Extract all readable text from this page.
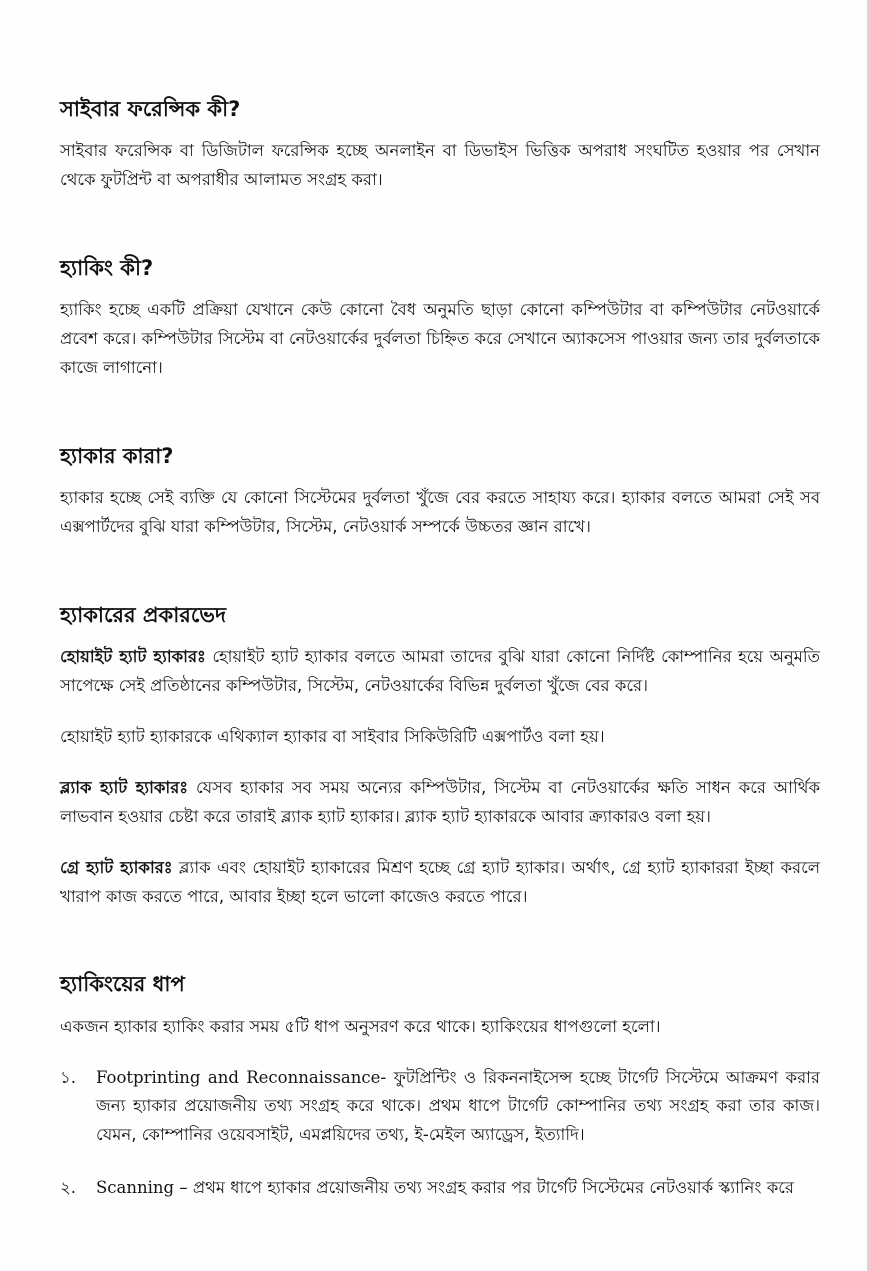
সাইবার ফরেন্সিক কী?

সাইবার ফরেন্সিক বা ডিজিটাল ফরেন্সিক হচ্ছে অনলাইন বা ডিভাইস ভিত্তিক অপরাধ সংঘটিত হওয়ার পর সেখান থেকে ফুটপ্রিন্ট বা অপরাধীর আলামত সংগ্রহ করা।

হ্যাকিং কী?

হ্যাকিং হচ্ছে একটি প্রক্রিয়া যেখানে কেউ কোনো বৈধ অনুমতি ছাড়া কোনো কম্পিউটার বা কম্পিউটার নেটওয়ার্কে প্রবেশ করে। কম্পিউটার সিস্টেম বা নেটওয়ার্কের দুর্বলতা চিহ্নিত করে সেখানে অ্যাকসেস পাওয়ার জন্য তার দুর্বলতাকে কাজে লাগানো।

হ্যাকার কারা?

হ্যাকার হচ্ছে সেই ব্যক্তি যে কোনো সিস্টেমের দুর্বলতা খুঁজে বের করতে সাহায্য করে। হ্যাকার বলতে আমরা সেই সব এক্সপার্টদের বুঝি যারা কম্পিউটার, সিস্টেম, নেটওয়ার্ক সম্পর্কে উচ্চতর জ্ঞান রাখে।

হ্যাকারের প্রকারভেদ

হোয়াইট হ্যাট হ্যাকারঃ হোয়াইট হ্যাট হ্যাকার বলতে আমরা তাদের বুঝি যারা কোনো নির্দিষ্ট কোম্পানির হয়ে অনুমতি সাপেক্ষে সেই প্রতিষ্ঠানের কম্পিউটার, সিস্টেম, নেটওয়ার্কের বিভিন্ন দুর্বলতা খুঁজে বের করে।

হোয়াইট হ্যাট হ্যাকারকে এথিক্যাল হ্যাকার বা সাইবার সিকিউরিটি এক্সপার্টও বলা হয়।

ব্ল্যাক হ্যাট হ্যাকারঃ যেসব হ্যাকার সব সময় অন্যের কম্পিউটার, সিস্টেম বা নেটওয়ার্কের ক্ষতি সাধন করে আর্থিক লাভবান হওয়ার চেষ্টা করে তারাই ব্ল্যাক হ্যাট হ্যাকার। ব্ল্যাক হ্যাট হ্যাকারকে আবার ক্র্যাকারও বলা হয়।

গ্রে হ্যাট হ্যাকারঃ ব্ল্যাক এবং হোয়াইট হ্যাকারের মিশ্রণ হচ্ছে গ্রে হ্যাট হ্যাকার। অর্থাৎ, গ্রে হ্যাট হ্যাকাররা ইচ্ছা করলে খারাপ কাজ করতে পারে, আবার ইচ্ছা হলে ভালো কাজেও করতে পারে।

হ্যাকিংয়ের ধাপ

একজন হ্যাকার হ্যাকিং করার সময় ৫টি ধাপ অনুসরণ করে থাকে। হ্যাকিংয়ের ধাপগুলো হলো।

১. Footprinting and Reconnaissance- ফুটপ্রিন্টিং ও রিকননাইসেন্স হচ্ছে টার্গেট সিস্টেমে আক্রমণ করার জন্য হ্যাকার প্রয়োজনীয় তথ্য সংগ্রহ করে থাকে। প্রথম ধাপে টার্গেট কোম্পানির তথ্য সংগ্রহ করা তার কাজ। যেমন, কোম্পানির ওয়েবসাইট, এমপ্লয়িদের তথ্য, ই-মেইল অ্যাড্রেস, ইত্যাদি।
২. Scanning – প্রথম ধাপে হ্যাকার প্রয়োজনীয় তথ্য সংগ্রহ করার পর টার্গেট সিস্টেমের নেটওয়ার্ক স্ক্যানিং করে
